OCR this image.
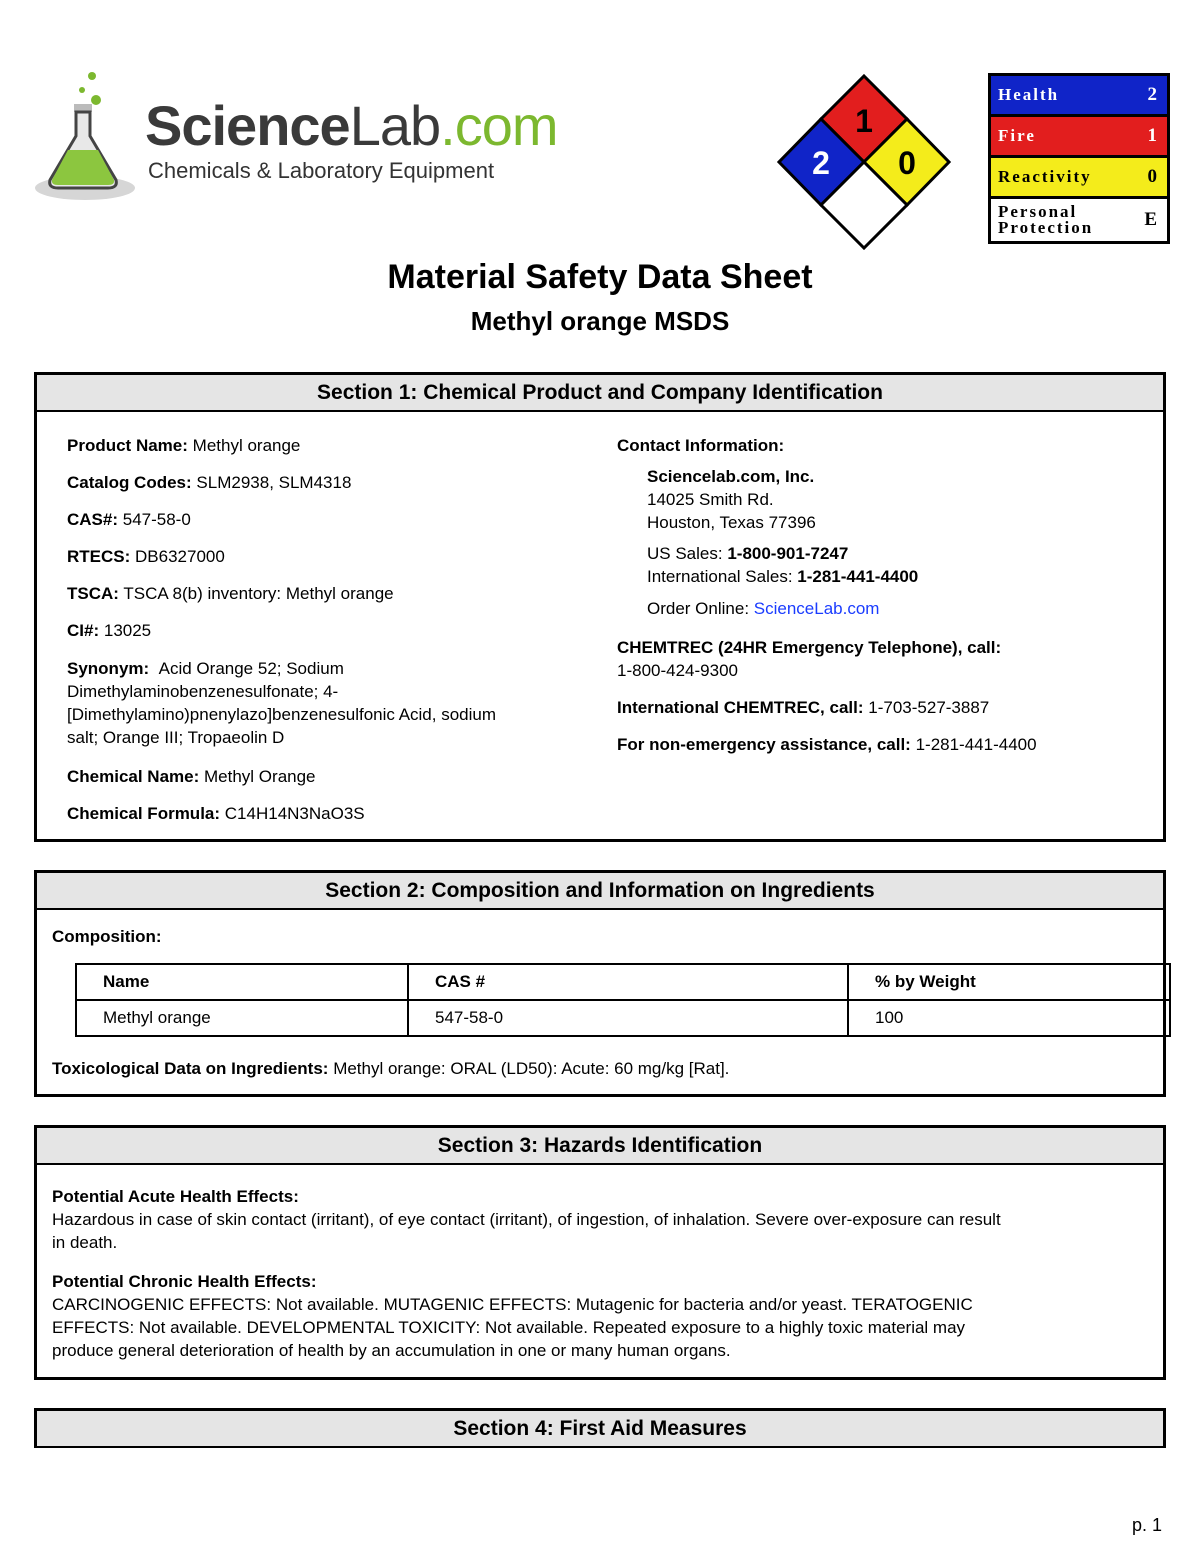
ScienceLab.com
Chemicals & Laboratory Equipment
1
2 0
Health	2
Fire	1
Reactivity	0
Personal
Protection	E
Material Safety Data Sheet
Methyl orange MSDS
Section 1: Chemical Product and Company Identification
Product Name: Methyl orange
Catalog Codes: SLM2938, SLM4318
CAS#: 547-58-0
RTECS: DB6327000
TSCA: TSCA 8(b) inventory: Methyl orange
CI#: 13025
Synonym: Acid Orange 52; Sodium
Dimethylaminobenzenesulfonate; 4-
[Dimethylamino)pnenylazo]benzenesulfonic Acid, sodium
salt; Orange III; Tropaeolin D
Chemical Name: Methyl Orange
Chemical Formula: C14H14N3NaO3S
Contact Information:
Sciencelab.com, Inc.
14025 Smith Rd.
Houston, Texas 77396
US Sales: 1-800-901-7247
International Sales: 1-281-441-4400
Order Online: ScienceLab.com
CHEMTREC (24HR Emergency Telephone), call:
1-800-424-9300
International CHEMTREC, call: 1-703-527-3887
For non-emergency assistance, call: 1-281-441-4400
Section 2: Composition and Information on Ingredients
Composition:
Name	CAS #	% by Weight
Methyl orange	547-58-0	100
Toxicological Data on Ingredients: Methyl orange: ORAL (LD50): Acute: 60 mg/kg [Rat].
Section 3: Hazards Identification
Potential Acute Health Effects:
Hazardous in case of skin contact (irritant), of eye contact (irritant), of ingestion, of inhalation. Severe over-exposure can result
in death.
Potential Chronic Health Effects:
CARCINOGENIC EFFECTS: Not available. MUTAGENIC EFFECTS: Mutagenic for bacteria and/or yeast. TERATOGENIC
EFFECTS: Not available. DEVELOPMENTAL TOXICITY: Not available. Repeated exposure to a highly toxic material may
produce general deterioration of health by an accumulation in one or many human organs.
Section 4: First Aid Measures
p. 1
